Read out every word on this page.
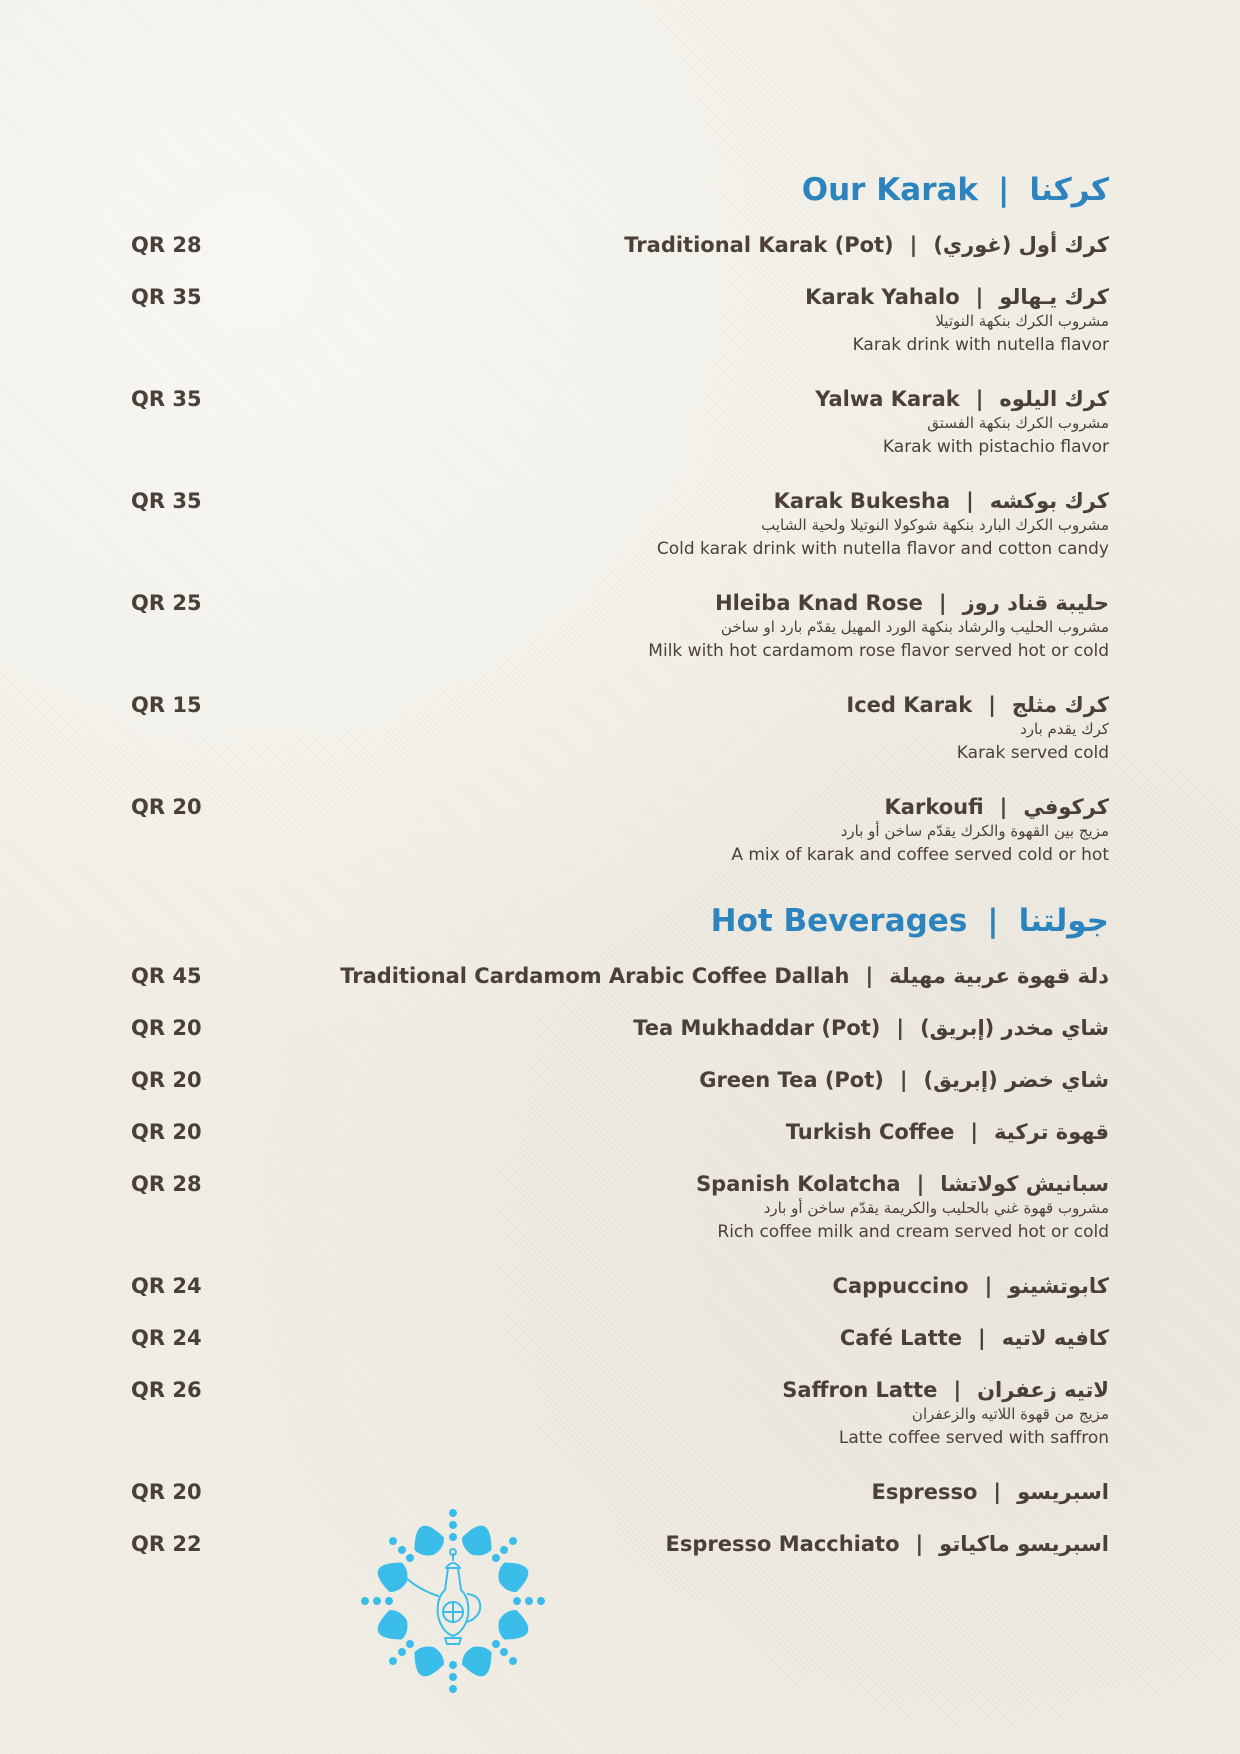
Our Karak | كركنا
QR 28	Traditional Karak (Pot) | كرك أول (غوري)
QR 35	Karak Yahalo | كرك يـهالو
مشروب الكرك بنكهة النوتيلا
Karak drink with nutella flavor
QR 35	Yalwa Karak | كرك اليلوه
مشروب الكرك بنكهة الفستق
Karak with pistachio flavor
QR 35	Karak Bukesha | كرك بوكشه
مشروب الكرك البارد بنكهة شوكولا النوتيلا ولحية الشايب
Cold karak drink with nutella flavor and cotton candy
QR 25	Hleiba Knad Rose | حليبة قناد روز
مشروب الحليب والرشاد بنكهة الورد المهيل يقدّم بارد او ساخن
Milk with hot cardamom rose flavor served hot or cold
QR 15	Iced Karak | كرك مثلج
كرك يقدم بارد
Karak served cold
QR 20	Karkoufi | كركوفي
مزيج بين القهوة والكرك يقدّم ساخن أو بارد
A mix of karak and coffee served cold or hot
Hot Beverages | جولتنا
QR 45	Traditional Cardamom Arabic Coffee Dallah | دلة قهوة عربية مهيلة
QR 20	Tea Mukhaddar (Pot) | شاي مخدر (إبريق)
QR 20	Green Tea (Pot) | شاي خضر (إبريق)
QR 20	Turkish Coffee | قهوة تركية
QR 28	Spanish Kolatcha | سبانيش كولاتشا
مشروب قهوة غني بالحليب والكريمة يقدّم ساخن أو بارد
Rich coffee milk and cream served hot or cold
QR 24	Cappuccino | كابوتشينو
QR 24	Café Latte | كافيه لاتيه
QR 26	Saffron Latte | لاتيه زعفران
مزيج من قهوة اللاتيه والزعفران
Latte coffee served with saffron
QR 20	Espresso | اسبريسو
QR 22	Espresso Macchiato | اسبريسو ماكياتو
